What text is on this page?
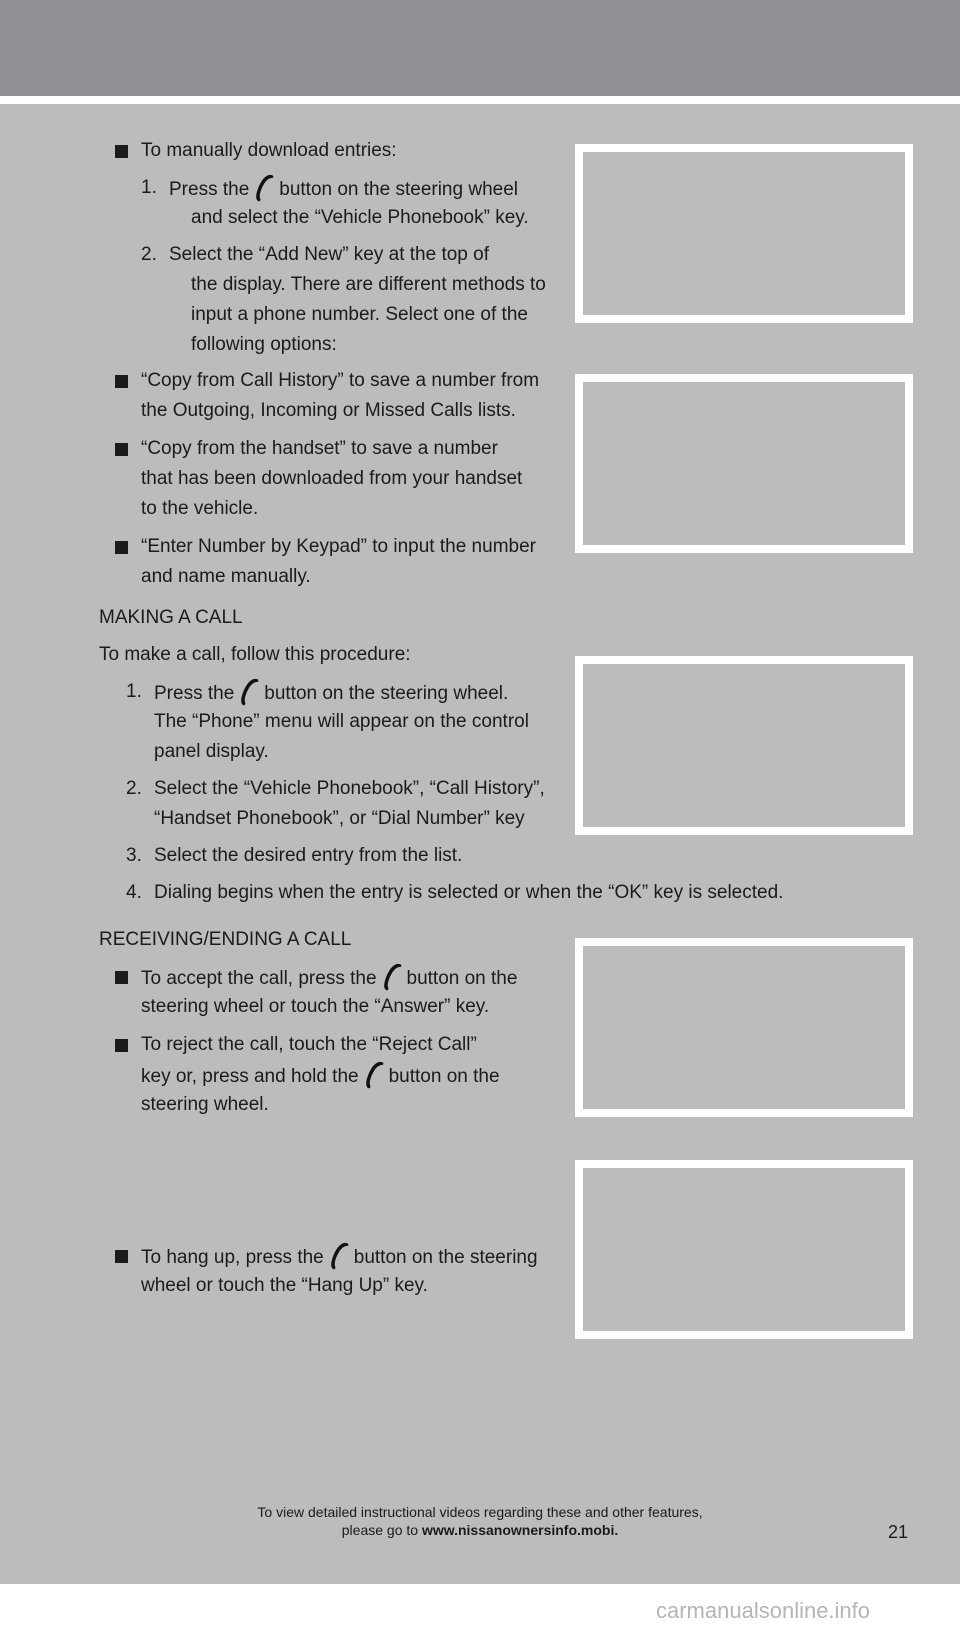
To manually download entries:
1. Press the button on the steering wheel
and select the “Vehicle Phonebook” key.
2. Select the “Add New” key at the top of
the display. There are different methods to
input a phone number. Select one of the
following options:
“Copy from Call History” to save a number from
the Outgoing, Incoming or Missed Calls lists.
“Copy from the handset” to save a number
that has been downloaded from your handset
to the vehicle.
“Enter Number by Keypad” to input the number
and name manually.
MAKING A CALL
To make a call, follow this procedure:
1. Press the button on the steering wheel.
The “Phone” menu will appear on the control
panel display.
2. Select the “Vehicle Phonebook”, “Call History”,
“Handset Phonebook”, or “Dial Number” key
3. Select the desired entry from the list.
4. Dialing begins when the entry is selected or when the “OK” key is selected.
RECEIVING/ENDING A CALL
To accept the call, press the button on the
steering wheel or touch the “Answer” key.
To reject the call, touch the “Reject Call”
key or, press and hold the button on the
steering wheel.
To hang up, press the button on the steering
wheel or touch the “Hang Up” key.
To view detailed instructional videos regarding these and other features,
please go to www.nissanownersinfo.mobi.	21
carmanualsonline.info
